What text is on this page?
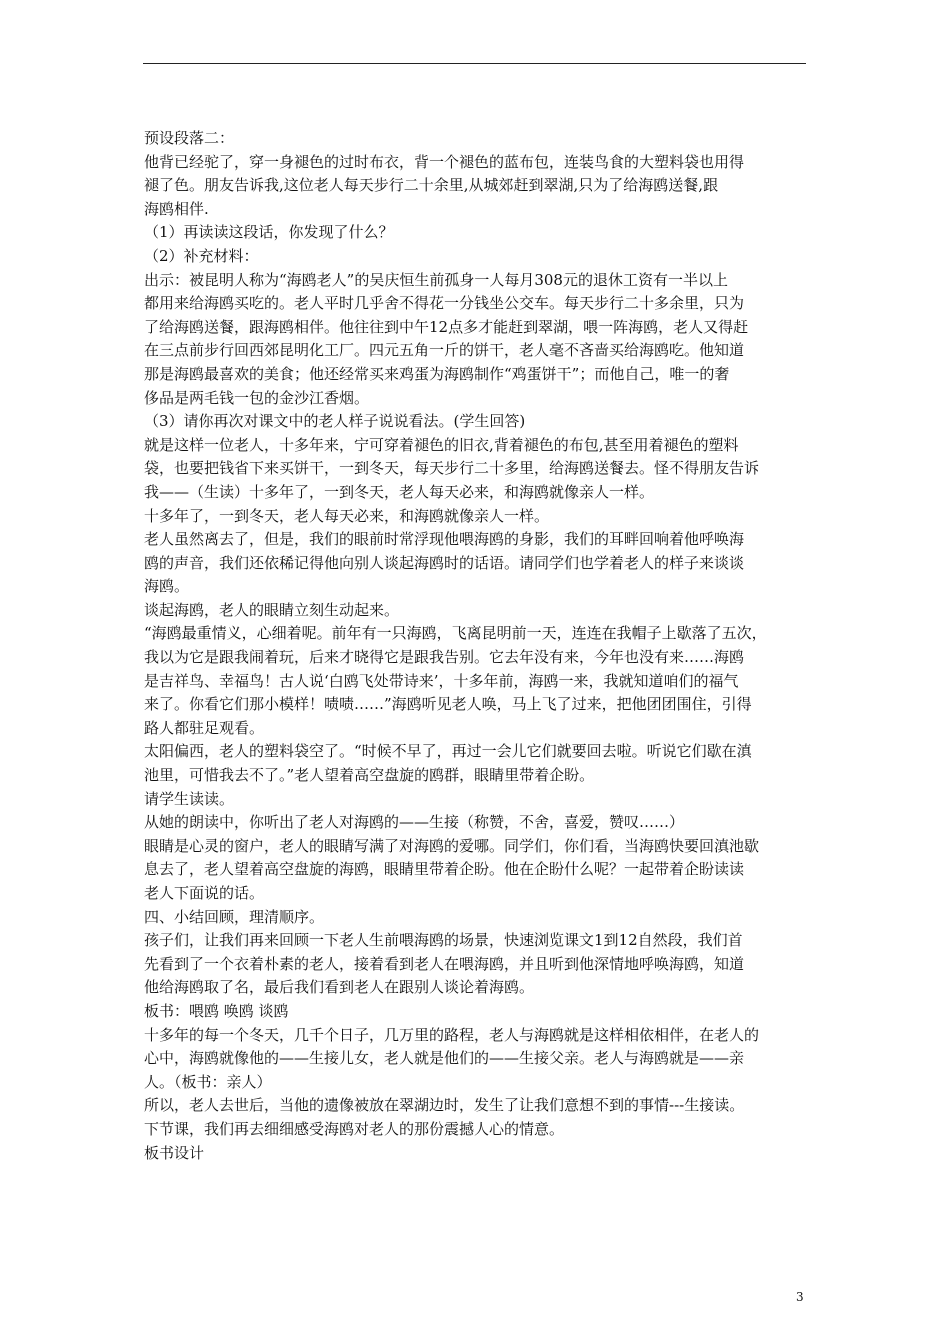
预设段落二：
他背已经驼了，穿一身褪色的过时布衣，背一个褪色的蓝布包，连装鸟食的大塑料袋也用得
褪了色。朋友告诉我,这位老人每天步行二十余里,从城郊赶到翠湖,只为了给海鸥送餐,跟
海鸥相伴.
（1）再读读这段话，你发现了什么？
（2）补充材料：
出示：被昆明人称为“海鸥老人”的吴庆恒生前孤身一人每月308元的退休工资有一半以上
都用来给海鸥买吃的。老人平时几乎舍不得花一分钱坐公交车。每天步行二十多余里，只为
了给海鸥送餐，跟海鸥相伴。他往往到中午12点多才能赶到翠湖，喂一阵海鸥，老人又得赶
在三点前步行回西郊昆明化工厂。四元五角一斤的饼干，老人毫不吝啬买给海鸥吃。他知道
那是海鸥最喜欢的美食；他还经常买来鸡蛋为海鸥制作“鸡蛋饼干”；而他自己，唯一的奢
侈品是两毛钱一包的金沙江香烟。
（3）请你再次对课文中的老人样子说说看法。(学生回答)
就是这样一位老人，十多年来，宁可穿着褪色的旧衣,背着褪色的布包,甚至用着褪色的塑料
袋，也要把钱省下来买饼干，一到冬天，每天步行二十多里，给海鸥送餐去。怪不得朋友告诉
我——（生读）十多年了，一到冬天，老人每天必来，和海鸥就像亲人一样。
十多年了，一到冬天，老人每天必来，和海鸥就像亲人一样。
老人虽然离去了，但是，我们的眼前时常浮现他喂海鸥的身影，我们的耳畔回响着他呼唤海
鸥的声音，我们还依稀记得他向别人谈起海鸥时的话语。请同学们也学着老人的样子来谈谈
海鸥。
谈起海鸥，老人的眼睛立刻生动起来。
“海鸥最重情义，心细着呢。前年有一只海鸥，飞离昆明前一天，连连在我帽子上歇落了五次，
我以为它是跟我闹着玩，后来才晓得它是跟我告别。它去年没有来，今年也没有来……海鸥
是吉祥鸟、幸福鸟！古人说‘白鸥飞处带诗来’，十多年前，海鸥一来，我就知道咱们的福气
来了。你看它们那小模样！啧啧……”海鸥听见老人唤，马上飞了过来，把他团团围住，引得
路人都驻足观看。
太阳偏西，老人的塑料袋空了。“时候不早了，再过一会儿它们就要回去啦。听说它们歇在滇
池里，可惜我去不了。”老人望着高空盘旋的鸥群，眼睛里带着企盼。
请学生读读。
从她的朗读中，你听出了老人对海鸥的——生接（称赞，不舍，喜爱，赞叹……）
眼睛是心灵的窗户，老人的眼睛写满了对海鸥的爱哪。同学们，你们看，当海鸥快要回滇池歇
息去了，老人望着高空盘旋的海鸥，眼睛里带着企盼。他在企盼什么呢？一起带着企盼读读
老人下面说的话。
四、小结回顾，理清顺序。
孩子们，让我们再来回顾一下老人生前喂海鸥的场景，快速浏览课文1到12自然段，我们首
先看到了一个衣着朴素的老人，接着看到老人在喂海鸥，并且听到他深情地呼唤海鸥，知道
他给海鸥取了名，最后我们看到老人在跟别人谈论着海鸥。
板书：喂鸥 唤鸥 谈鸥
十多年的每一个冬天，几千个日子，几万里的路程，老人与海鸥就是这样相依相伴，在老人的
心中，海鸥就像他的——生接儿女，老人就是他们的——生接父亲。老人与海鸥就是——亲
人。（板书：亲人）
所以，老人去世后，当他的遗像被放在翠湖边时，发生了让我们意想不到的事情---生接读。
下节课，我们再去细细感受海鸥对老人的那份震撼人心的情意。
板书设计
3
